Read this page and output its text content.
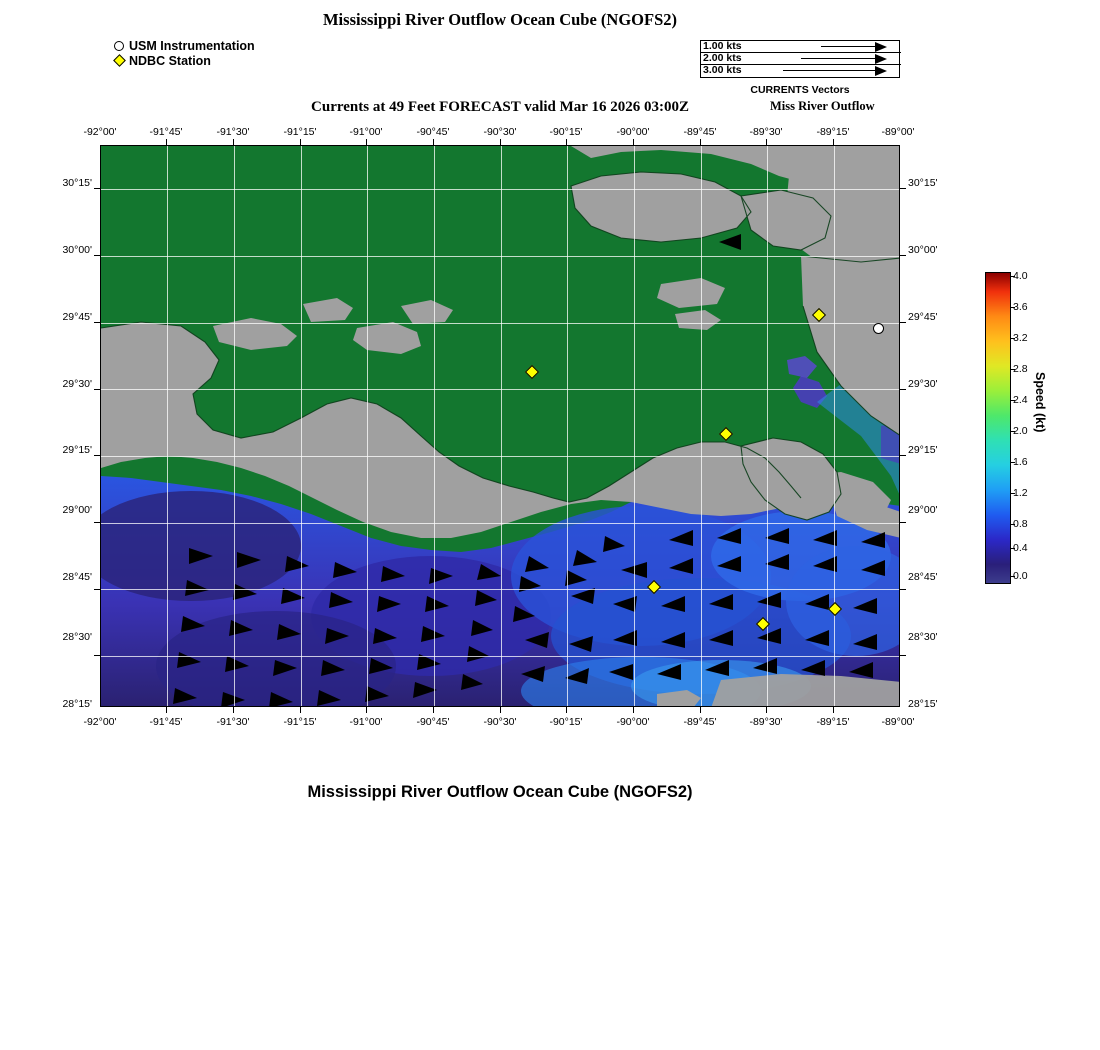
Mississippi River Outflow Ocean Cube (NGOFS2)
Currents at 49 Feet FORECAST valid Mar 16 2026 03:00Z	Miss River Outflow
Mississippi River Outflow Ocean Cube (NGOFS2)
USM Instrumentation
NDBC Station
1.00 kts
2.00 kts
3.00 kts
CURRENTS Vectors
-92°00'	-91°45'	-91°30'	-91°15'	-91°00'	-90°45'	-90°30'	-90°15'	-90°00'	-89°45'	-89°30'	-89°15'	-89°00'
-92°00'	-91°45'	-91°30'	-91°15'	-91°00'	-90°45'	-90°30'	-90°15'	-90°00'	-89°45'	-89°30'	-89°15'	-89°00'
30°15'
30°00'
29°45'
29°30'
29°15'
29°00'
28°45'
28°30'
28°15'
30°15'
30°00'
29°45'
29°30'
29°15'
29°00'
28°45'
28°30'
28°15'
4.0
3.6
3.2
2.8
2.4
2.0
1.6
1.2
0.8
0.4
0.0
Speed (kt)
